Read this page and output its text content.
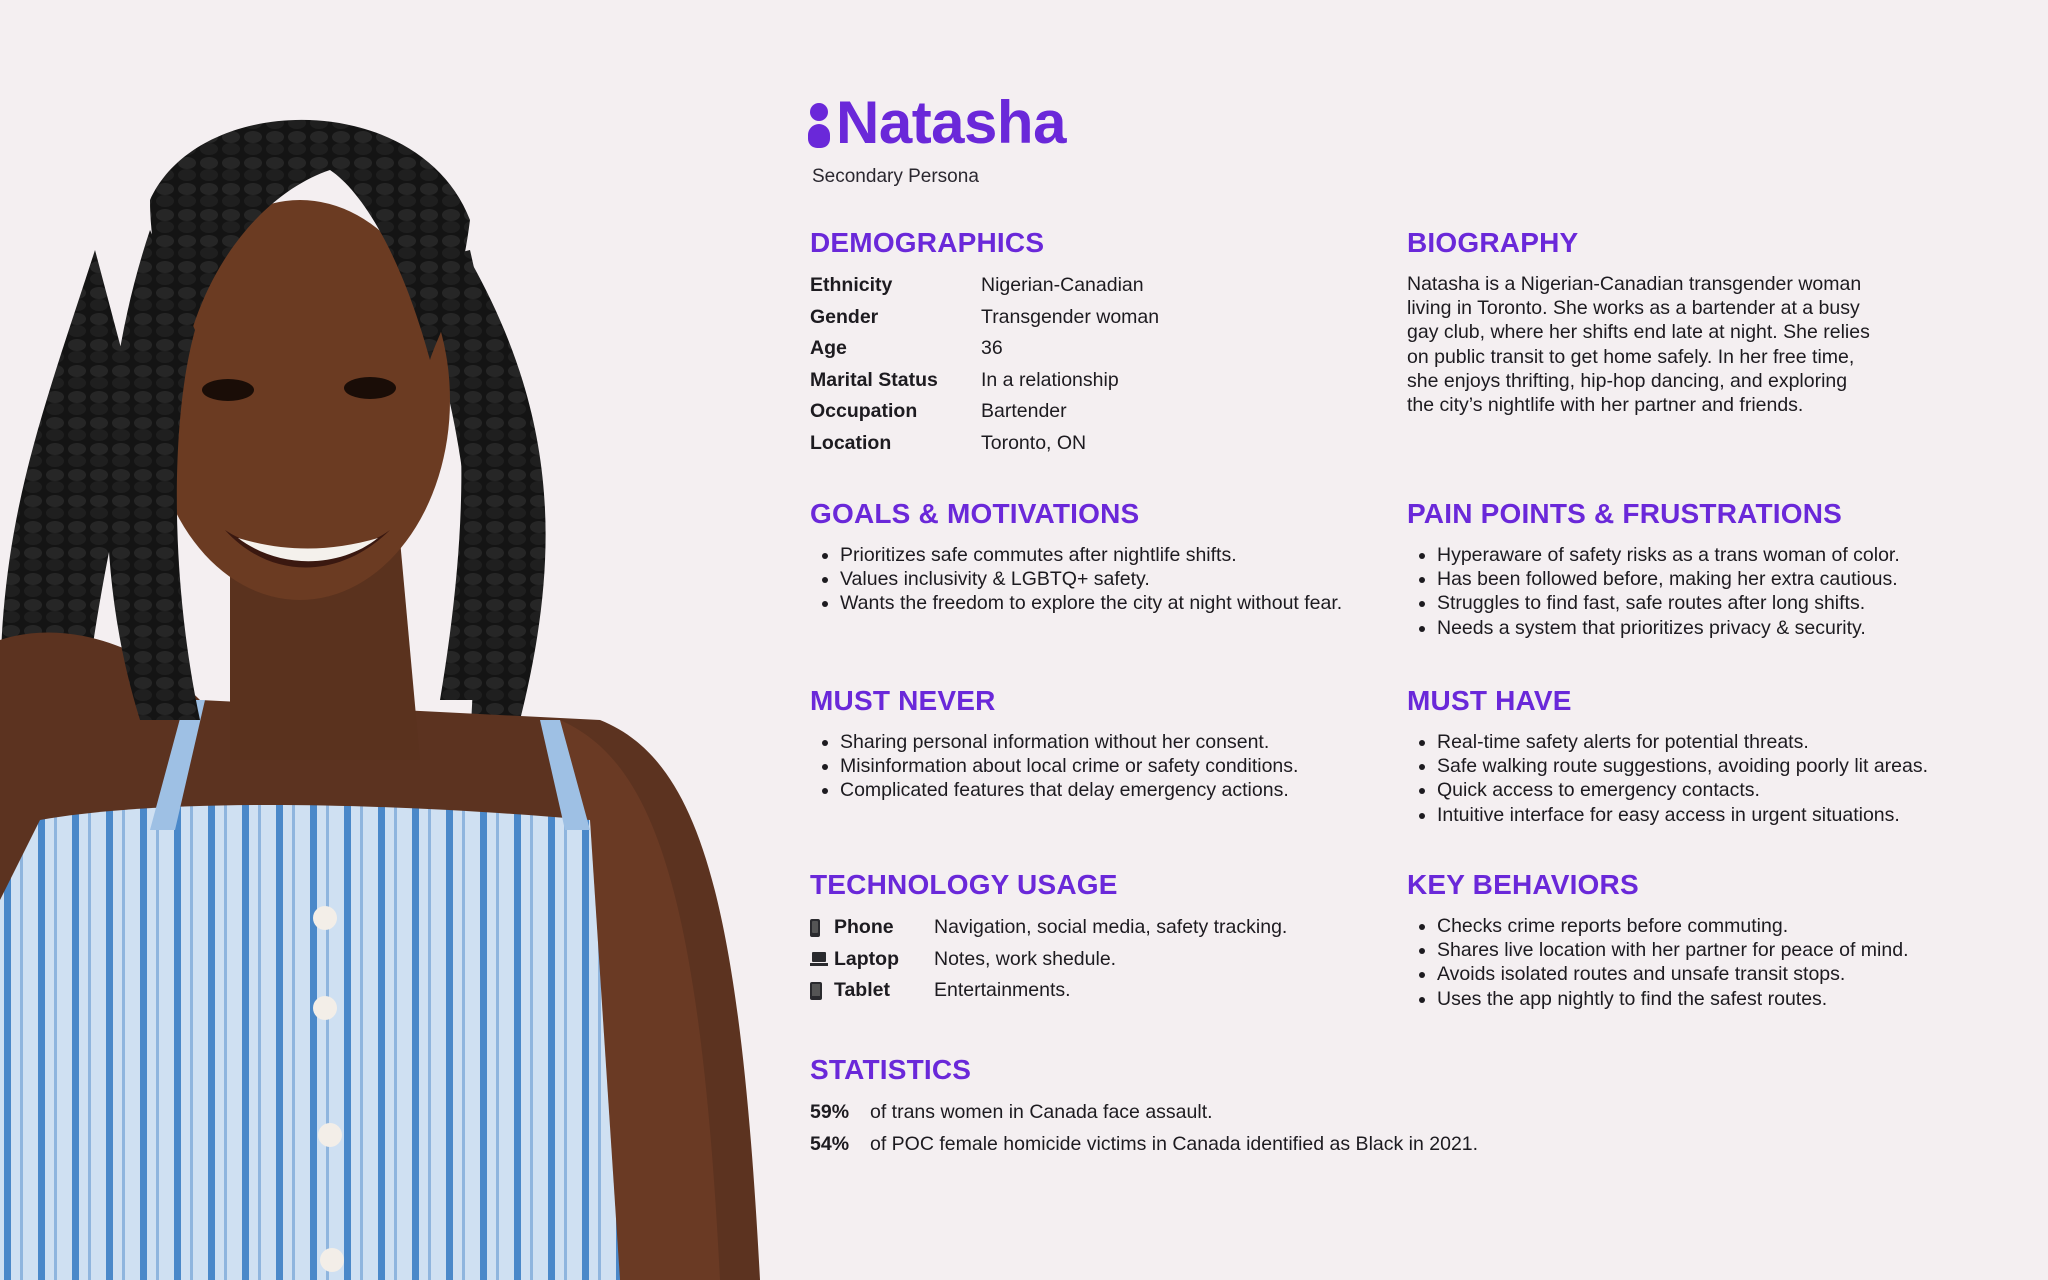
Natasha
Secondary Persona
DEMOGRAPHICS
Ethnicity	Nigerian-Canadian
Gender	Transgender woman
Age	36
Marital Status	In a relationship
Occupation	Bartender
Location	Toronto, ON
BIOGRAPHY
Natasha is a Nigerian-Canadian transgender woman
living in Toronto. She works as a bartender at a busy
gay club, where her shifts end late at night. She relies
on public transit to get home safely. In her free time,
she enjoys thrifting, hip-hop dancing, and exploring
the city’s nightlife with her partner and friends.
GOALS & MOTIVATIONS
• Prioritizes safe commutes after nightlife shifts.
• Values inclusivity & LGBTQ+ safety.
• Wants the freedom to explore the city at night without fear.
PAIN POINTS & FRUSTRATIONS
• Hyperaware of safety risks as a trans woman of color.
• Has been followed before, making her extra cautious.
• Struggles to find fast, safe routes after long shifts.
• Needs a system that prioritizes privacy & security.
MUST NEVER
• Sharing personal information without her consent.
• Misinformation about local crime or safety conditions.
• Complicated features that delay emergency actions.
MUST HAVE
• Real-time safety alerts for potential threats.
• Safe walking route suggestions, avoiding poorly lit areas.
• Quick access to emergency contacts.
• Intuitive interface for easy access in urgent situations.
TECHNOLOGY USAGE
Phone	Navigation, social media, safety tracking.
Laptop	Notes, work shedule.
Tablet	Entertainments.
KEY BEHAVIORS
• Checks crime reports before commuting.
• Shares live location with her partner for peace of mind.
• Avoids isolated routes and unsafe transit stops.
• Uses the app nightly to find the safest routes.
STATISTICS
59%	of trans women in Canada face assault.
54%	of POC female homicide victims in Canada identified as Black in 2021.
